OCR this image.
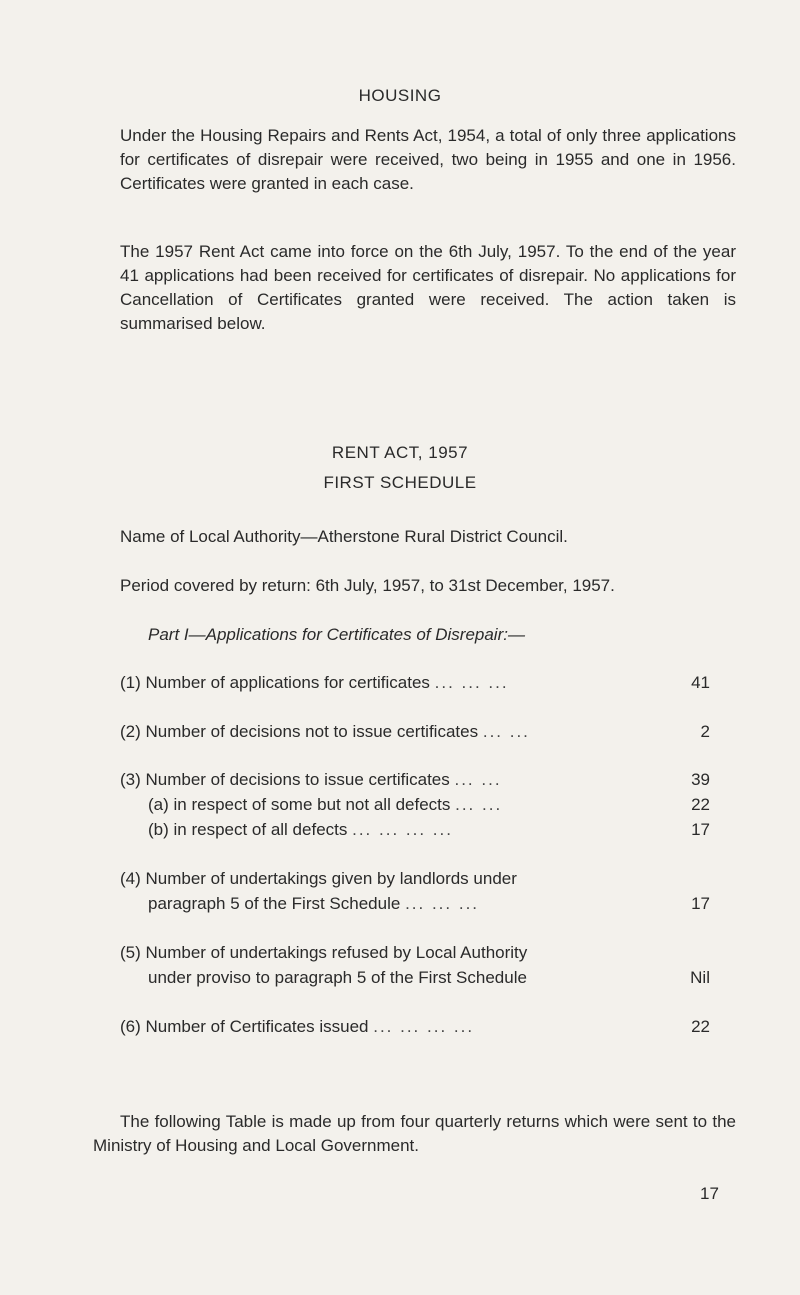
HOUSING
Under the Housing Repairs and Rents Act, 1954, a total of only three applications for certificates of disrepair were received, two being in 1955 and one in 1956. Certificates were granted in each case.
The 1957 Rent Act came into force on the 6th July, 1957. To the end of the year 41 applications had been received for certificates of disrepair. No applications for Cancellation of Certificates granted were received. The action taken is summarised below.
RENT ACT, 1957
FIRST SCHEDULE
Name of Local Authority—Atherstone Rural District Council.
Period covered by return: 6th July, 1957, to 31st December, 1957.
Part I—Applications for Certificates of Disrepair:—
(1) Number of applications for certificates ... ... ...	41
(2) Number of decisions not to issue certificates ... ...	2
(3) Number of decisions to issue certificates ... ...	39
(a) in respect of some but not all defects ... ...	22
(b) in respect of all defects ... ... ... ...	17
(4) Number of undertakings given by landlords under
paragraph 5 of the First Schedule ... ... ...	17
(5) Number of undertakings refused by Local Authority
under proviso to paragraph 5 of the First Schedule	Nil
(6) Number of Certificates issued ... ... ... ...	22
The following Table is made up from four quarterly returns which were sent to the Ministry of Housing and Local Government.
17
